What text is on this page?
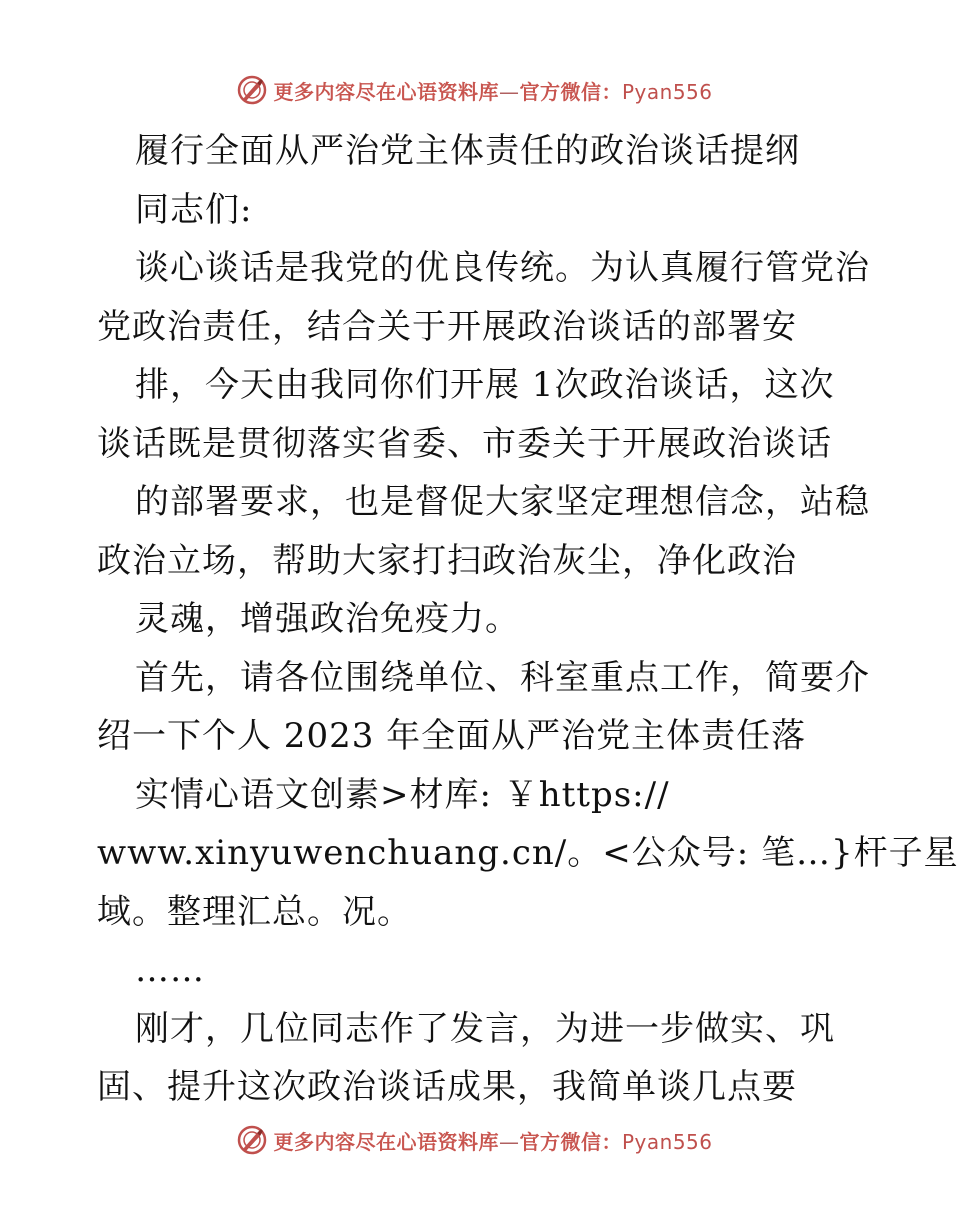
更多内容尽在心语资料库—官方微信：Pyan556
履行全面从严治党主体责任的政治谈话提纲
同志们:
谈心谈话是我党的优良传统。为认真履行管党治
党政治责任，结合关于开展政治谈话的部署安
排，今天由我同你们开展 1次政治谈话，这次
谈话既是贯彻落实省委、市委关于开展政治谈话
的部署要求，也是督促大家坚定理想信念，站稳
政治立场，帮助大家打扫政治灰尘，净化政治
灵魂，增强政治免疫力。
首先，请各位围绕单位、科室重点工作，简要介
绍一下个人 2023 年全面从严治党主体责任落
实情心语文创素>材库: ￥https://
www.xinyuwenchuang.cn/。<公众号: 笔…}杆子星
域。整理汇总。况。
……
刚才，几位同志作了发言，为进一步做实、巩
固、提升这次政治谈话成果，我简单谈几点要
更多内容尽在心语资料库—官方微信：Pyan556
